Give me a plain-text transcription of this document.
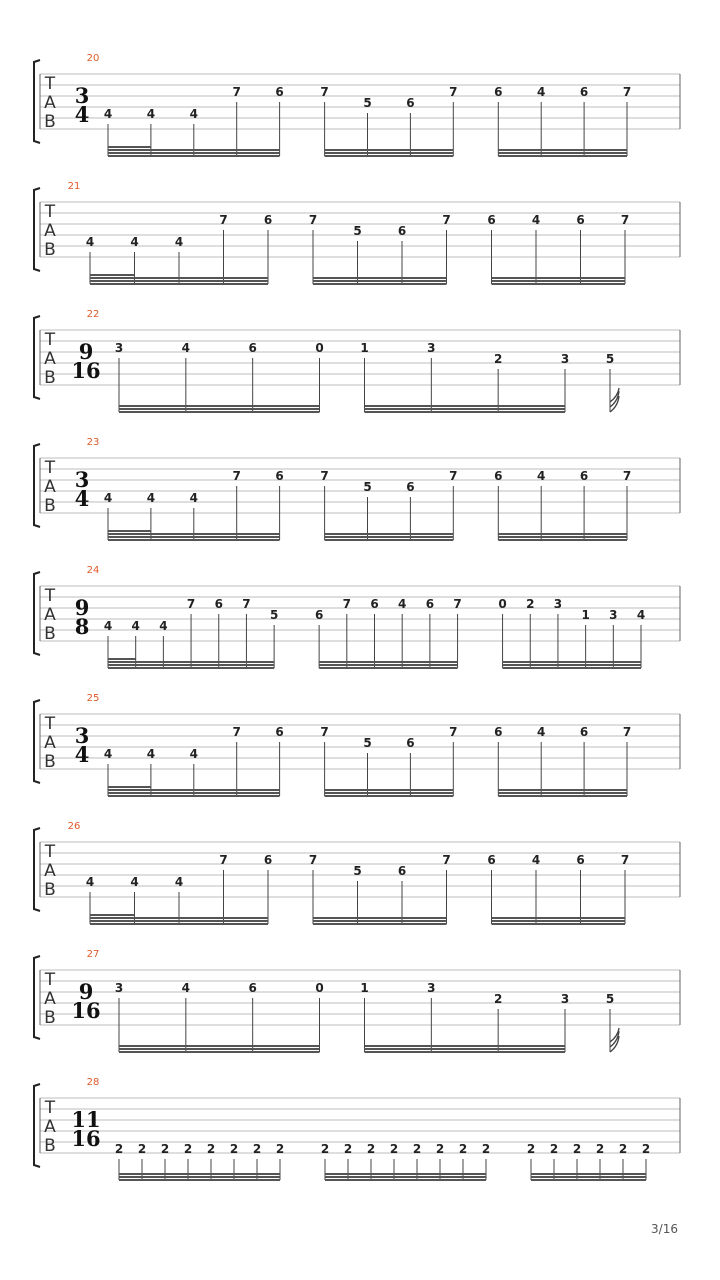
T
A
B
20
3
4 4	4	4
7	6	7
5	6
7	6	4	6	7
T
A
B
21
4	4	4
7	6	7
5	6
7	6	4	6	7
T
A
B
22
9
16
3	4	6	0	1	3
2	3	5
T
A
B
23
3
4 4	4	4
7	6	7
5	6
7	6	4	6	7
T
A
B
24
9
8 4 4 4
7 6 7
5	6
7 6 4 6 7	0 2 3
1 3 4
T
A
B
25
3
4 4	4	4
7	6	7
5	6
7	6	4	6	7
T
A
B
26
4	4	4
7	6	7
5	6
7	6	4	6	7
T
A
B
27
9
16
3	4	6	0	1	3
2	3	5
T
A
B
28
11
16 2 2 2 2 2 2 2 2	2 2 2 2 2 2 2 2	2 2 2 2 2 2
3/16
